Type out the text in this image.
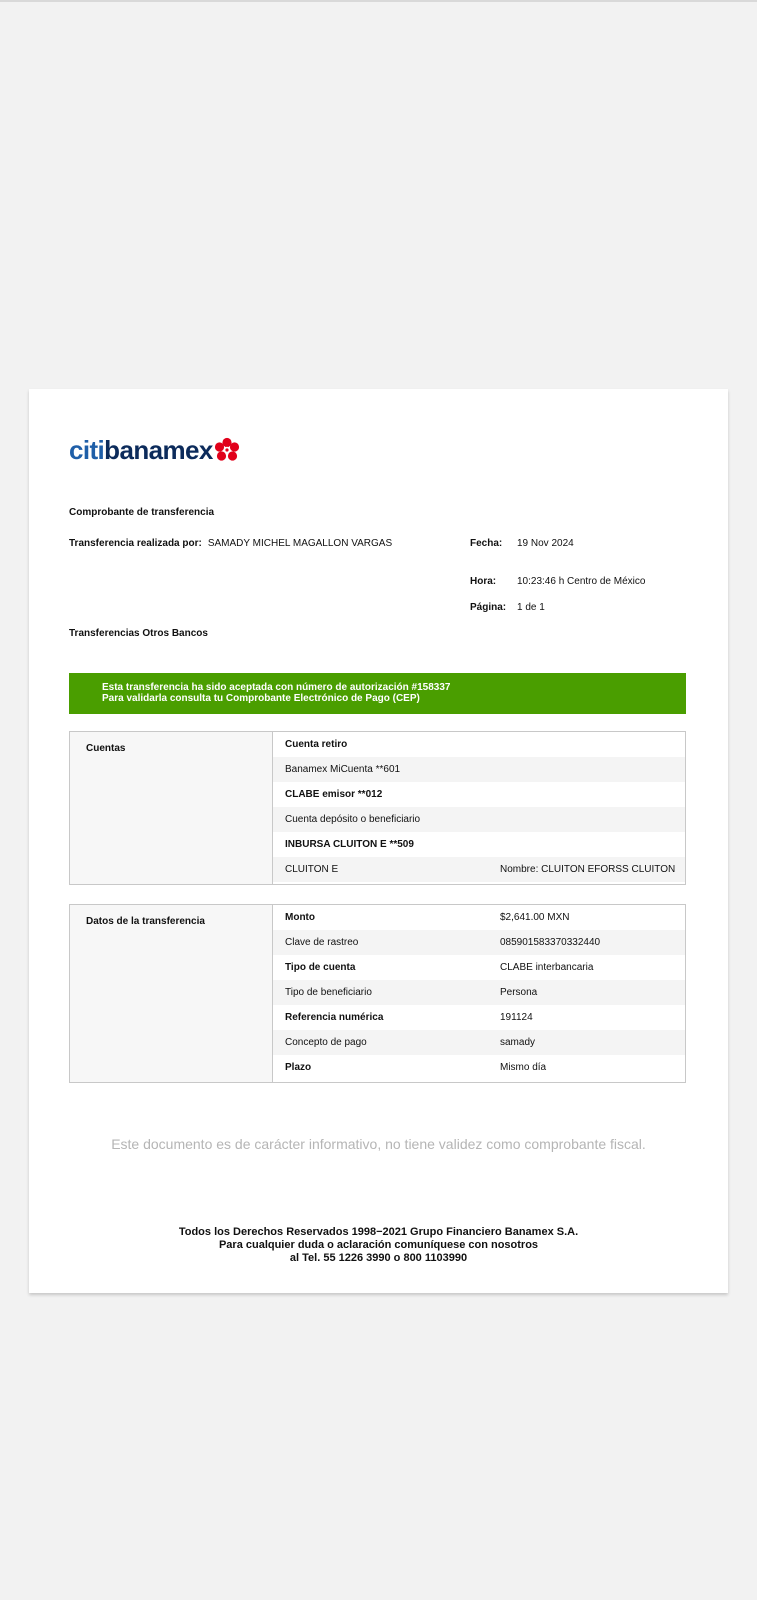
citibanamex
Comprobante de transferencia
Transferencia realizada por: SAMADY MICHEL MAGALLON VARGAS	Fecha:	19 Nov 2024
Hora:	10:23:46 h Centro de México
Página:	1 de 1
Transferencias Otros Bancos
Esta transferencia ha sido aceptada con número de autorización #158337
Para validarla consulta tu Comprobante Electrónico de Pago (CEP)
Cuentas	Cuenta retiro
Banamex MiCuenta **601
CLABE emisor **012
Cuenta depósito o beneficiario
INBURSA CLUITON E **509
CLUITON E	Nombre: CLUITON EFORSS CLUITON
Datos de la transferencia	Monto	$2,641.00 MXN
Clave de rastreo	085901583370332440
Tipo de cuenta	CLABE interbancaria
Tipo de beneficiario	Persona
Referencia numérica	191124
Concepto de pago	samady
Plazo	Mismo día
Este documento es de carácter informativo, no tiene validez como comprobante fiscal.
Todos los Derechos Reservados 1998−2021 Grupo Financiero Banamex S.A.
Para cualquier duda o aclaración comuníquese con nosotros
al Tel. 55 1226 3990 o 800 1103990
